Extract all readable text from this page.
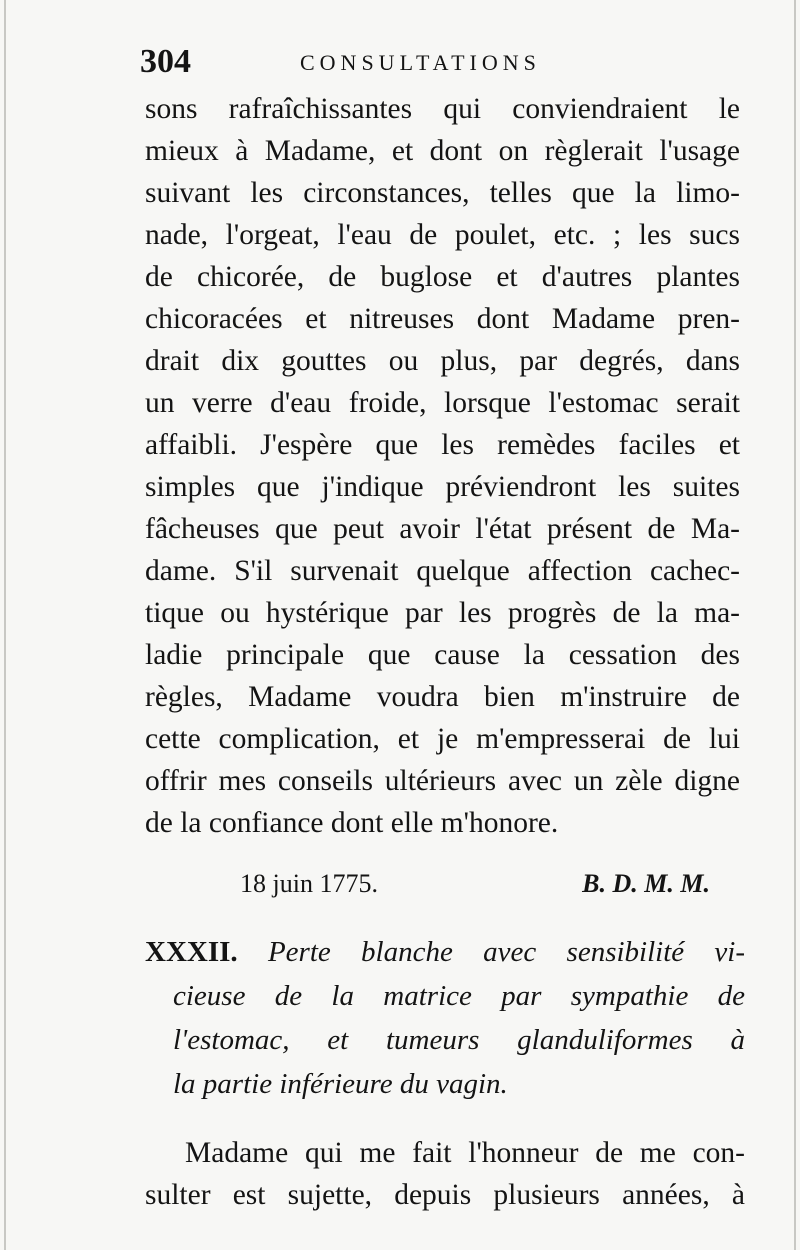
304	CONSULTATIONS
sons rafraîchissantes qui conviendraient le
mieux à Madame, et dont on règlerait l'usage
suivant les circonstances, telles que la limo-
nade, l'orgeat, l'eau de poulet, etc. ; les sucs
de chicorée, de buglose et d'autres plantes
chicoracées et nitreuses dont Madame pren-
drait dix gouttes ou plus, par degrés, dans
un verre d'eau froide, lorsque l'estomac serait
affaibli. J'espère que les remèdes faciles et
simples que j'indique préviendront les suites
fâcheuses que peut avoir l'état présent de Ma-
dame. S'il survenait quelque affection cachec-
tique ou hystérique par les progrès de la ma-
ladie principale que cause la cessation des
règles, Madame voudra bien m'instruire de
cette complication, et je m'empresserai de lui
offrir mes conseils ultérieurs avec un zèle digne
de la confiance dont elle m'honore.
18 juin 1775.	B. D. M. M.
XXXII. Perte blanche avec sensibilité vi-
cieuse de la matrice par sympathie de
l'estomac, et tumeurs glanduliformes à
la partie inférieure du vagin.
Madame qui me fait l'honneur de me con-
sulter est sujette, depuis plusieurs années, à
